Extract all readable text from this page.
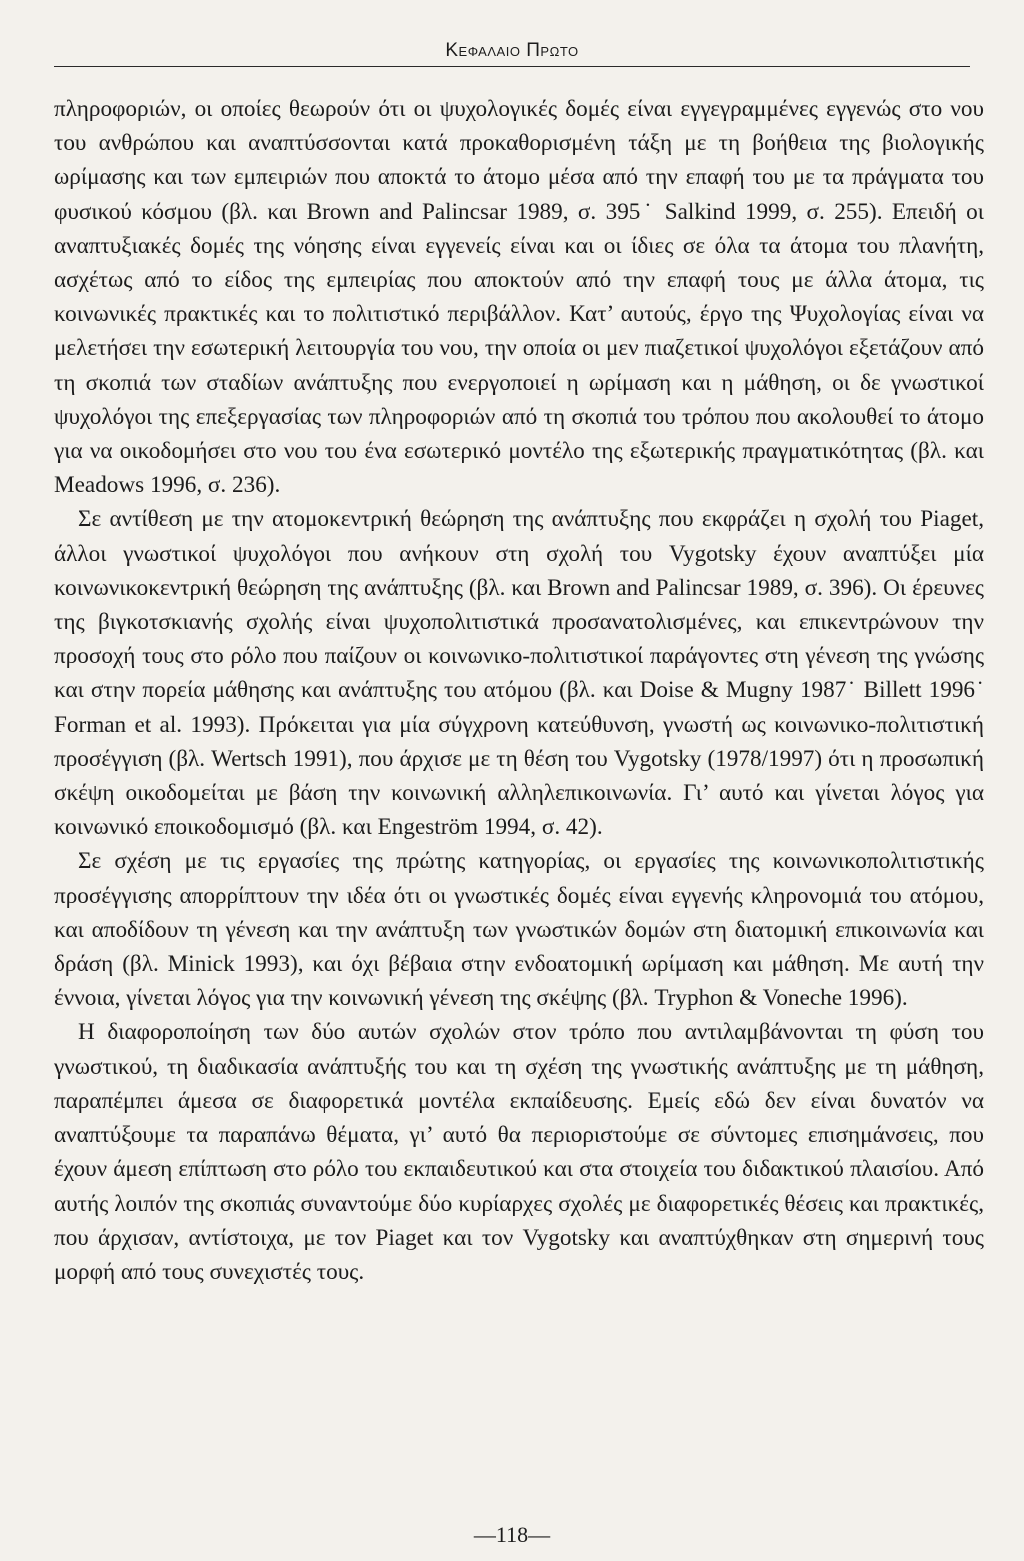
Κεφαλαιο Πρωτο

πληροφοριών, οι οποίες θεωρούν ότι οι ψυχολογικές δομές είναι εγγεγραμμένες εγγενώς στο νου του ανθρώπου και αναπτύσσονται κατά προκαθορισμένη τάξη με τη βοήθεια της βιολογικής ωρίμασης και των εμπειριών που αποκτά το άτομο μέσα από την επαφή του με τα πράγματα του φυσικού κόσμου (βλ. και Brown and Palincsar 1989, σ. 395˙ Salkind 1999, σ. 255). Επειδή οι αναπτυξιακές δομές της νόησης είναι εγγενείς είναι και οι ίδιες σε όλα τα άτομα του πλανήτη, ασχέτως από το είδος της εμπειρίας που αποκτούν από την επαφή τους με άλλα άτομα, τις κοινωνικές πρακτικές και το πολιτιστικό περιβάλλον. Κατ’ αυτούς, έργο της Ψυχολογίας είναι να μελετήσει την εσωτερική λειτουργία του νου, την οποία οι μεν πιαζετικοί ψυχολόγοι εξετάζουν από τη σκοπιά των σταδίων ανάπτυξης που ενεργοποιεί η ωρίμαση και η μάθηση, οι δε γνωστικοί ψυχολόγοι της επεξεργασίας των πληροφοριών από τη σκοπιά του τρόπου που ακολουθεί το άτομο για να οικοδομήσει στο νου του ένα εσωτερικό μοντέλο της εξωτερικής πραγματικότητας (βλ. και Meadows 1996, σ. 236).

Σε αντίθεση με την ατομοκεντρική θεώρηση της ανάπτυξης που εκφράζει η σχολή του Piaget, άλλοι γνωστικοί ψυχολόγοι που ανήκουν στη σχολή του Vygotsky έχουν αναπτύξει μία κοινωνικοκεντρική θεώρηση της ανάπτυξης (βλ. και Brown and Palincsar 1989, σ. 396). Οι έρευνες της βιγκοτσκιανής σχολής είναι ψυχοπολιτιστικά προσανατολισμένες, και επικεντρώνουν την προσοχή τους στο ρόλο που παίζουν οι κοινωνικο-πολιτιστικοί παράγοντες στη γένεση της γνώσης και στην πορεία μάθησης και ανάπτυξης του ατόμου (βλ. και Doise & Mugny 1987˙ Billett 1996˙ Forman et al. 1993). Πρόκειται για μία σύγχρονη κατεύθυνση, γνωστή ως κοινωνικο-πολιτιστική προσέγγιση (βλ. Wertsch 1991), που άρχισε με τη θέση του Vygotsky (1978/1997) ότι η προσωπική σκέψη οικοδομείται με βάση την κοινωνική αλληλεπικοινωνία. Γι’ αυτό και γίνεται λόγος για κοινωνικό εποικοδομισμό (βλ. και Engeström 1994, σ. 42).

Σε σχέση με τις εργασίες της πρώτης κατηγορίας, οι εργασίες της κοινωνικοπολιτιστικής προσέγγισης απορρίπτουν την ιδέα ότι οι γνωστικές δομές είναι εγγενής κληρονομιά του ατόμου, και αποδίδουν τη γένεση και την ανάπτυξη των γνωστικών δομών στη διατομική επικοινωνία και δράση (βλ. Minick 1993), και όχι βέβαια στην ενδοατομική ωρίμαση και μάθηση. Με αυτή την έννοια, γίνεται λόγος για την κοινωνική γένεση της σκέψης (βλ. Tryphon & Voneche 1996).

Η διαφοροποίηση των δύο αυτών σχολών στον τρόπο που αντιλαμβάνονται τη φύση του γνωστικού, τη διαδικασία ανάπτυξής του και τη σχέση της γνωστικής ανάπτυξης με τη μάθηση, παραπέμπει άμεσα σε διαφορετικά μοντέλα εκπαίδευσης. Εμείς εδώ δεν είναι δυνατόν να αναπτύξουμε τα παραπάνω θέματα, γι’ αυτό θα περιοριστούμε σε σύντομες επισημάνσεις, που έχουν άμεση επίπτωση στο ρόλο του εκπαιδευτικού και στα στοιχεία του διδακτικού πλαισίου. Από αυτής λοιπόν της σκοπιάς συναντούμε δύο κυρίαρχες σχολές με διαφορετικές θέσεις και πρακτικές, που άρχισαν, αντίστοιχα, με τον Piaget και τον Vygotsky και αναπτύχθηκαν στη σημερινή τους μορφή από τους συνεχιστές τους.

—118—
